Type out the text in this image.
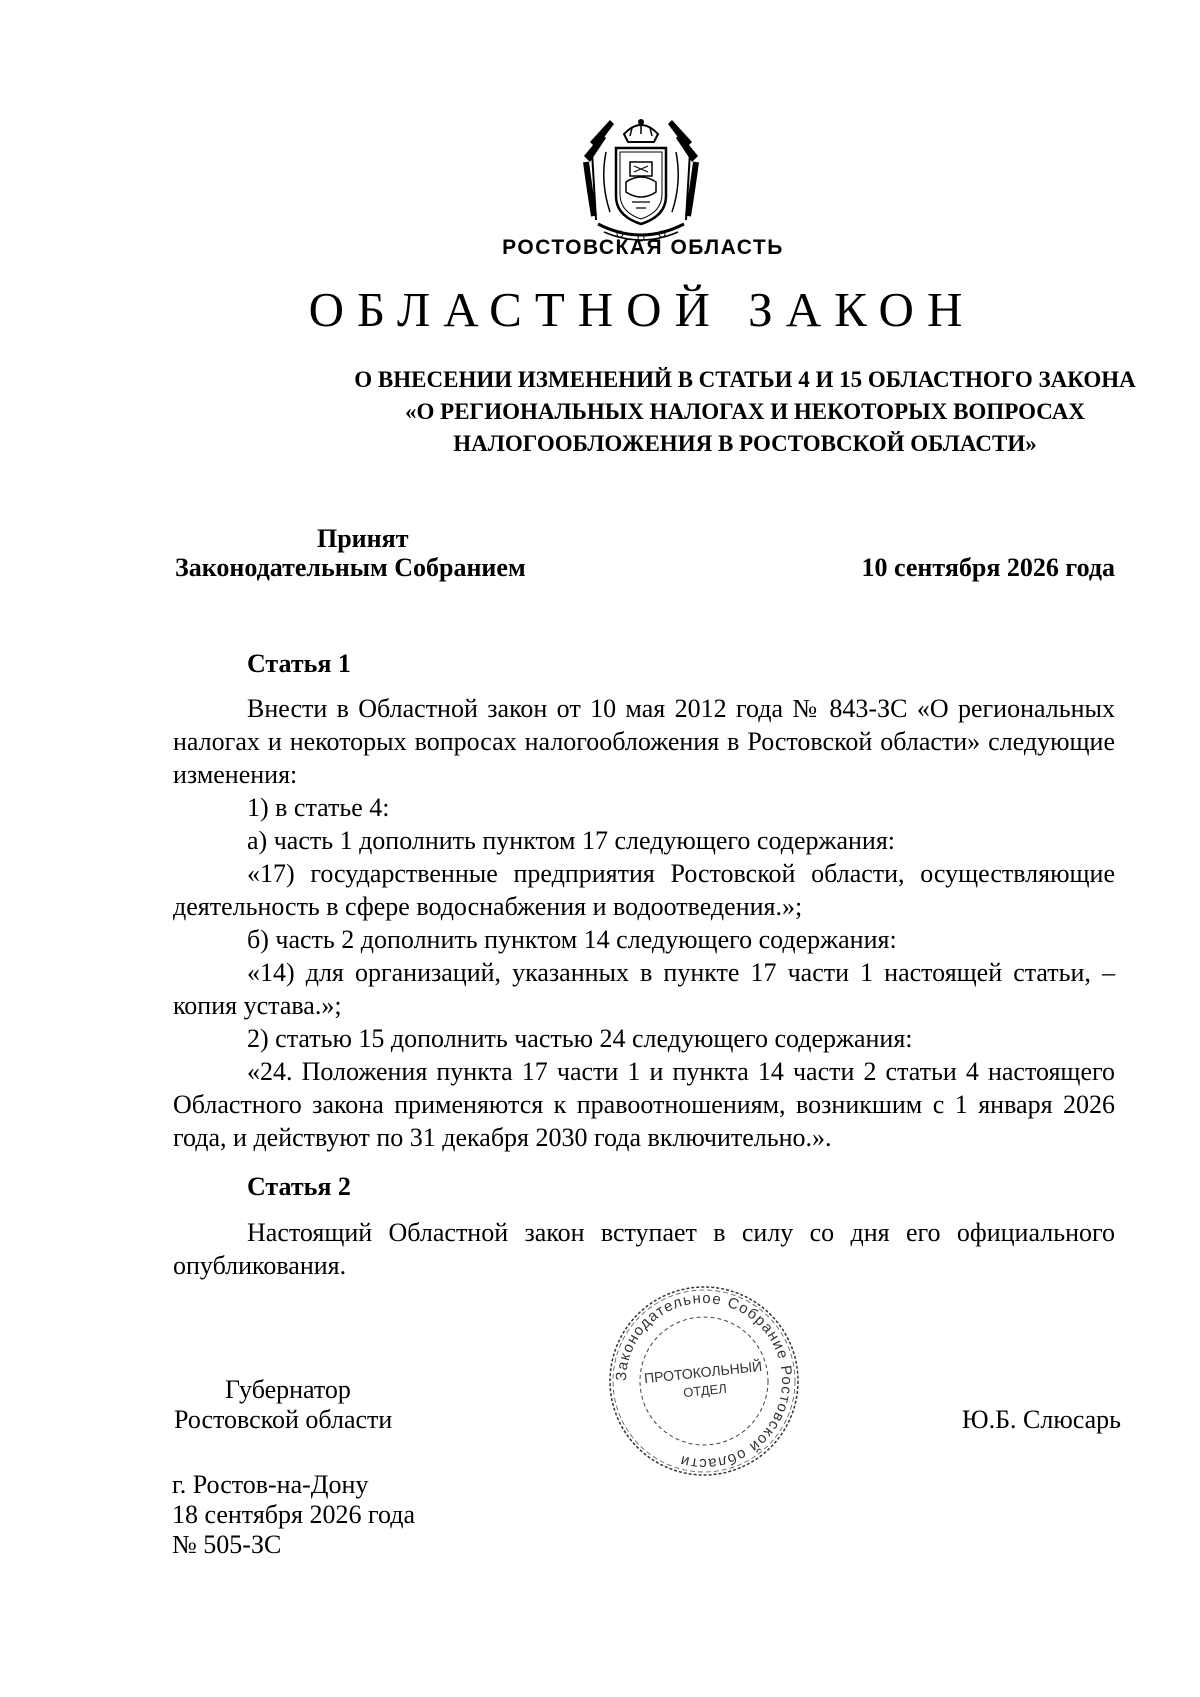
РОСТОВСКАЯ ОБЛАСТЬ
ОБЛАСТНОЙ ЗАКОН
О ВНЕСЕНИИ ИЗМЕНЕНИЙ В СТАТЬИ 4 И 15 ОБЛАСТНОГО ЗАКОНА
«О РЕГИОНАЛЬНЫХ НАЛОГАХ И НЕКОТОРЫХ ВОПРОСАХ
НАЛОГООБЛОЖЕНИЯ В РОСТОВСКОЙ ОБЛАСТИ»
Принят
Законодательным Собранием	10 сентября 2026 года
Статья 1

Внести в Областной закон от 10 мая 2012 года № 843-ЗС «О региональных налогах и некоторых вопросах налогообложения в Ростовской области» следующие изменения:

1) в статье 4:

а) часть 1 дополнить пунктом 17 следующего содержания:

«17) государственные предприятия Ростовской области, осуществляющие деятельность в сфере водоснабжения и водоотведения.»;

б) часть 2 дополнить пунктом 14 следующего содержания:

«14) для организаций, указанных в пункте 17 части 1 настоящей статьи, – копия устава.»;

2) статью 15 дополнить частью 24 следующего содержания:

«24. Положения пункта 17 части 1 и пункта 14 части 2 статьи 4 настоящего Областного закона применяются к правоотношениям, возникшим с 1 января 2026 года, и действуют по 31 декабря 2030 года включительно.».

Статья 2

Настоящий Областной закон вступает в силу со дня его официального опубликования.

Законодательное Собрание Ростовской области
ПРОТОКОЛЬНЫЙ
ОТДЕЛ
Губернатор
Ростовской области	Ю.Б. Слюсарь
г. Ростов-на-Дону
18 сентября 2026 года
№ 505-ЗС
